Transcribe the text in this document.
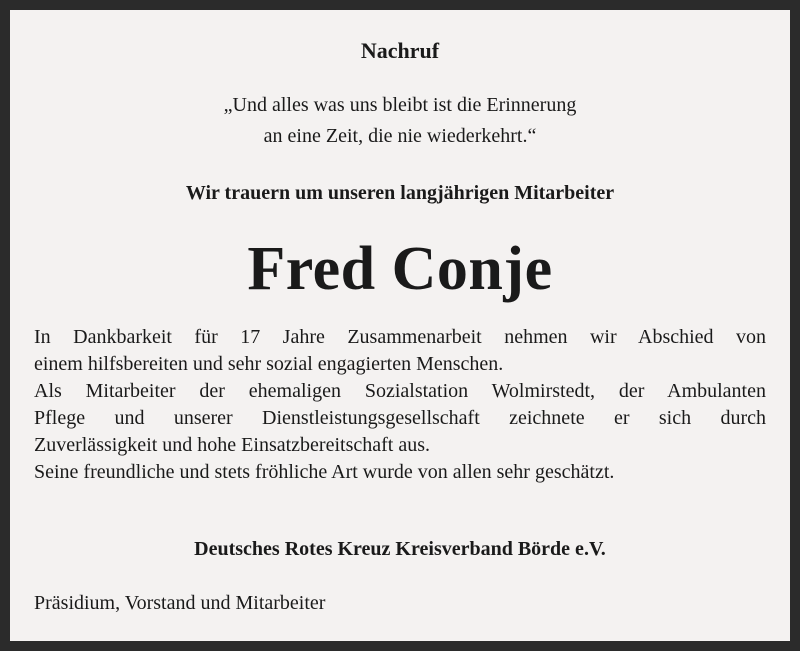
Nachruf
„Und alles was uns bleibt ist die Erinnerung
an eine Zeit, die nie wiederkehrt.“
Wir trauern um unseren langjährigen Mitarbeiter
Fred Conje
In Dankbarkeit für 17 Jahre Zusammenarbeit nehmen wir Abschied von
einem hilfsbereiten und sehr sozial engagierten Menschen.
Als Mitarbeiter der ehemaligen Sozialstation Wolmirstedt, der Ambulanten
Pflege und unserer Dienstleistungsgesellschaft zeichnete er sich durch
Zuverlässigkeit und hohe Einsatzbereitschaft aus.
Seine freundliche und stets fröhliche Art wurde von allen sehr geschätzt.
Deutsches Rotes Kreuz Kreisverband Börde e.V.
Präsidium, Vorstand und Mitarbeiter
